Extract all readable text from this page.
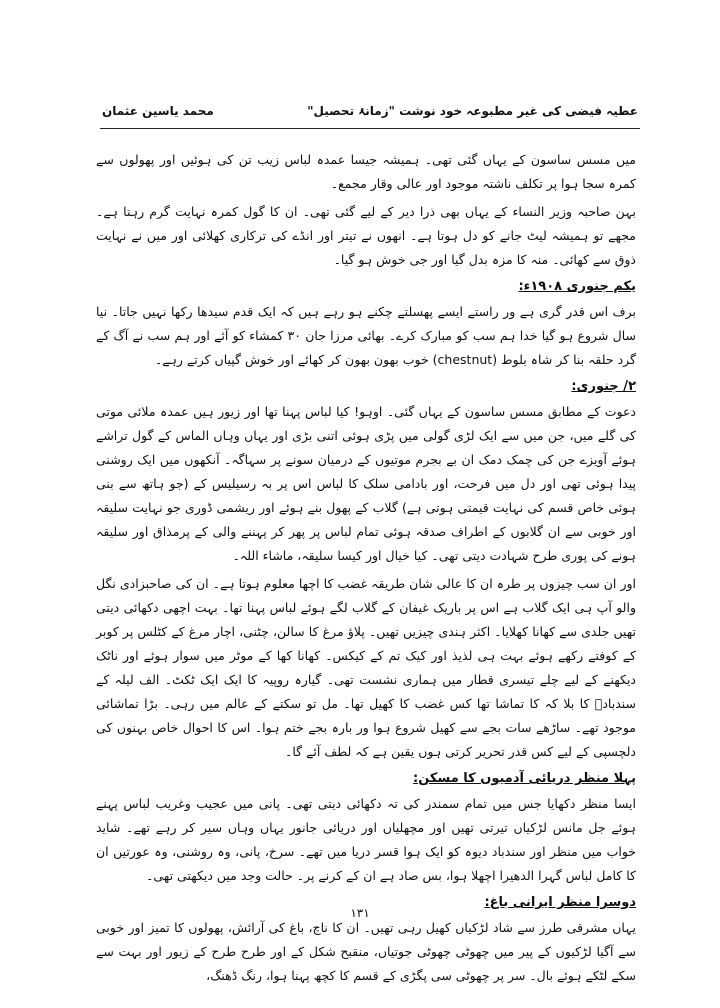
محمد یاسین عثمان	عطیہ فیضی کی غیر مطبوعہ خود نوشت "زمانۂ تحصیل"

میں مسس ساسون کے یہاں گئی تھی۔ ہمیشہ جیسا عمدہ لباس زیب تن کی ہوئیں اور پھولوں سے کمرہ سجا ہوا پر تکلف ناشتہ موجود اور عالی وقار مجمع۔

بہن صاحبہ وزیر النساء کے یہاں بھی ذرا دیر کے لیے گئی تھی۔ ان کا گول کمرہ نہایت گرم رہتا ہے۔ مجھے تو ہمیشہ لیٹ جانے کو دل ہوتا ہے۔ انھوں نے تیتر اور انڈے کی ترکاری کھلائی اور میں نے نہایت ذوق سے کھائی۔ منہ کا مزہ بدل گیا اور جی خوش ہو گیا۔

یکم جنوری ۱۹۰۸ء:

برف اس قدر گری ہے ور راستے ایسے پھسلتے چکنے ہو رہے ہیں کہ ایک قدم سیدھا رکھا نہیں جاتا۔ نیا سال شروع ہو گیا خدا ہم سب کو مبارک کرے۔ بھائی مرزا جان ۳۰ کمشاء کو آئے اور ہم سب نے آگ کے گرد حلقہ بنا کر شاہ بلوط (chestnut) خوب بھون بھون کر کھائے اور خوش گپیاں کرتے رہے۔

۲/ جنوری:

دعوت کے مطابق مسس ساسون کے یہاں گئی۔ اوہو! کیا لباس پہنا تھا اور زیور ہیں عمدہ ملائی موتی کی گلے میں، جن میں سے ایک لڑی گولی میں پڑی ہوئی اتنی بڑی اور یہاں وہاں الماس کے گول تراشے ہوئے آویزے جن کی چمک دمک ان بے بجرم موتیوں کے درمیان سونے پر سہاگہ۔ آنکھوں میں ایک روشنی پیدا ہوئی تھی اور دل میں فرحت، اور بادامی سلک کا لباس اس پر بہ رسیلیس کے (جو ہاتھ سے بنی ہوئی خاص قسم کی نہایت قیمتی ہوتی ہے) گلاب کے پھول بنے ہوئے اور ریشمی ڈوری جو نہایت سلیقہ اور خوبی سے ان گلابوں کے اطراف صدقہ ہوئی تمام لباس پر پھر کر پہننے والی کے پرمذاق اور سلیقہ ہونے کی پوری طرح شہادت دیتی تھی۔ کیا خیال اور کیسا سلیقہ، ماشاء اللہ۔

اور ان سب چیزوں پر طرہ ان کا عالی شان طریقہ غضب کا اچھا معلوم ہوتا ہے۔ ان کی صاحبزادی نگل والو آپ ہی ایک گلاب ہے اس پر باریک غیفان کے گلاب لگے ہوئے لباس پہنا تھا۔ بہت اچھی دکھائی دیتی تھیں جلدی سے کھانا کھلایا۔ اکثر ہندی چیزیں تھیں۔ پلاؤ مرغ کا سالن، چٹنی، اچار مرغ کے کٹلس پر کوبر کے کوفتے رکھے ہوئے بہت ہی لذیذ اور کیک تم کے کیکس۔ کھانا کھا کے موٹر میں سوار ہوئے اور ناٹک دیکھنے کے لیے چلے تیسری قطار میں ہماری نشست تھی۔ گیارہ روپیہ کا ایک ایک ٹکٹ۔ الف لیلہ کے سندبادؔ کا بلا کہ کا تماشا تھا کس غضب کا کھیل تھا۔ مل تو سکتے کے عالم میں رہی۔ بڑا تماشائی موجود تھے۔ ساڑھے سات بجے سے کھیل شروع ہوا ور بارہ بجے ختم ہوا۔ اس کا احوال خاص بہنوں کی دلچسپی کے لیے کس قدر تحریر کرتی ہوں یقین ہے کہ لطف آئے گا۔

پہلا منظر دریائی آدمیوں کا مسکن:

ایسا منظر دکھایا جس میں تمام سمندر کی تہ دکھائی دیتی تھی۔ پانی میں عجیب وغریب لباس پہنے ہوئے جل مانس لڑکیاں تیرتی تھیں اور مچھلیاں اور دریائی جانور یہاں وہاں سیر کر رہے تھے۔ شاید خواب میں منظر اور سندباد دیوہ کو ایک ہوا قسر دریا میں تھے۔ سرخ، پانی، وہ روشنی، وہ عورتیں ان کا کامل لباس گہرا الدھیرا اچھلا ہوا، بس صاد ہے ان کے کرنے پر۔ حالت وجد میں دیکھتی تھی۔

دوسرا منظر ایرانی باغ:

یہاں مشرقی طرز سے شاد لڑکیاں کھیل رہی تھیں۔ ان کا ناچ، باغ کی آرائش، پھولوں کا تمیز اور خوبی سے آگیا لڑکیوں کے پیر میں چھوٹی چھوٹی جوتیاں، منقبح شکل کے اور طرح طرح کے زیور اور بہت سے سکے لٹکے ہوئے بال۔ سر پر چھوٹی سی پگڑی کے قسم کا کچھ پہنا ہوا، رنگ ڈھنگ،

۱۳۱
